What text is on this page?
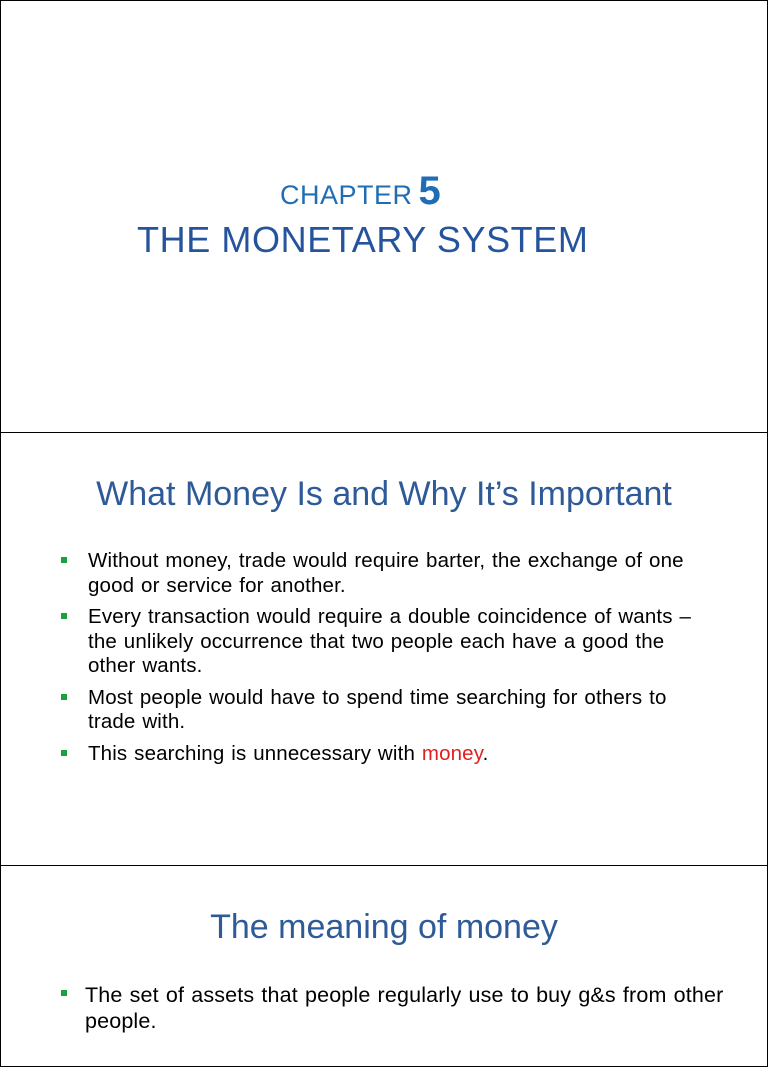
CHAPTER 5
THE MONETARY SYSTEM
What Money Is and Why It’s Important
Without money, trade would require barter, the exchange of one good or service for another.
Every transaction would require a double coincidence of wants – the unlikely occurrence that two people each have a good the other wants.
Most people would have to spend time searching for others to trade with.
This searching is unnecessary with money.
The meaning of money
The set of assets that people regularly use to buy g&s from other people.
